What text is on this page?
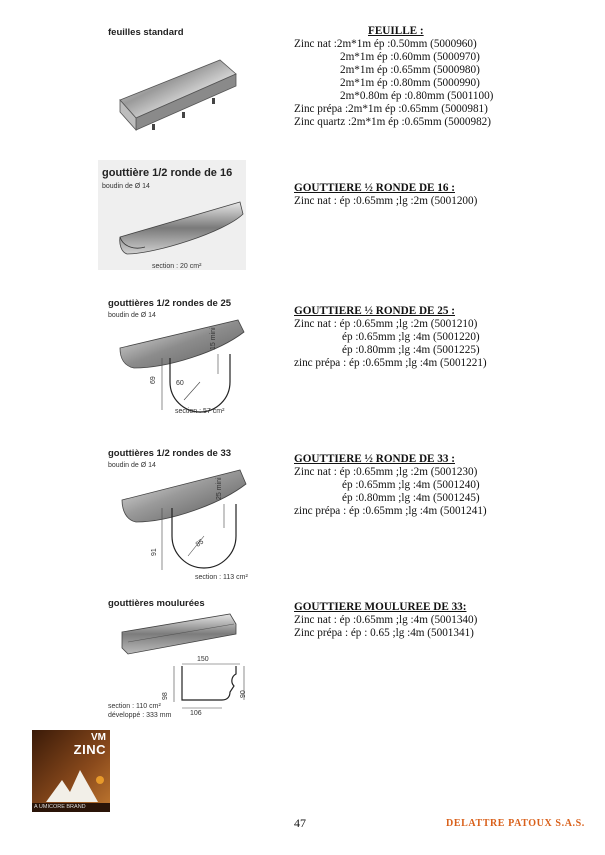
feuilles standard	FEUILLE :
Zinc nat :2m*1m ép :0.50mm (5000960)
2m*1m ép :0.60mm (5000970)
2m*1m ép :0.65mm (5000980)
2m*1m ép :0.80mm (5000990)
2m*0.80m ép :0.80mm (5001100)
Zinc prépa :2m*1m ép :0.65mm (5000981)
Zinc quartz :2m*1m ép :0.65mm (5000982)
gouttière 1/2 ronde de 16
boudin de Ø 14
section : 20 cm²
GOUTTIERE ½ RONDE DE 16 :
Zinc nat : ép :0.65mm ;lg :2m (5001200)
gouttières 1/2 rondes de 25
boudin de Ø 14
15 mini
60
69
section : 57 cm²
GOUTTIERE ½ RONDE DE 25 :
Zinc nat : ép :0.65mm ;lg :2m (5001210)
ép :0.65mm ;lg :4m (5001220)
ép :0.80mm ;lg :4m (5001225)
zinc prépa : ép :0.65mm ;lg :4m (5001221)
gouttières 1/2 rondes de 33
boudin de Ø 14
25 mini
85
91
section : 113 cm²
GOUTTIERE ½ RONDE DE 33 :
Zinc nat : ép :0.65mm ;lg :2m (5001230)
ép :0.65mm ;lg :4m (5001240)
ép :0.80mm ;lg :4m (5001245)
zinc prépa : ép :0.65mm ;lg :4m (5001241)
gouttières moulurées
150
98	90
106
section : 110 cm²
développé : 333 mm
GOUTTIERE MOULUREE DE 33:
Zinc nat : ép :0.65mm ;lg :4m (5001340)
Zinc prépa : ép : 0.65 ;lg :4m (5001341)
VM
ZINC
A UMICORE BRAND
47	DELATTRE PATOUX S.A.S.
